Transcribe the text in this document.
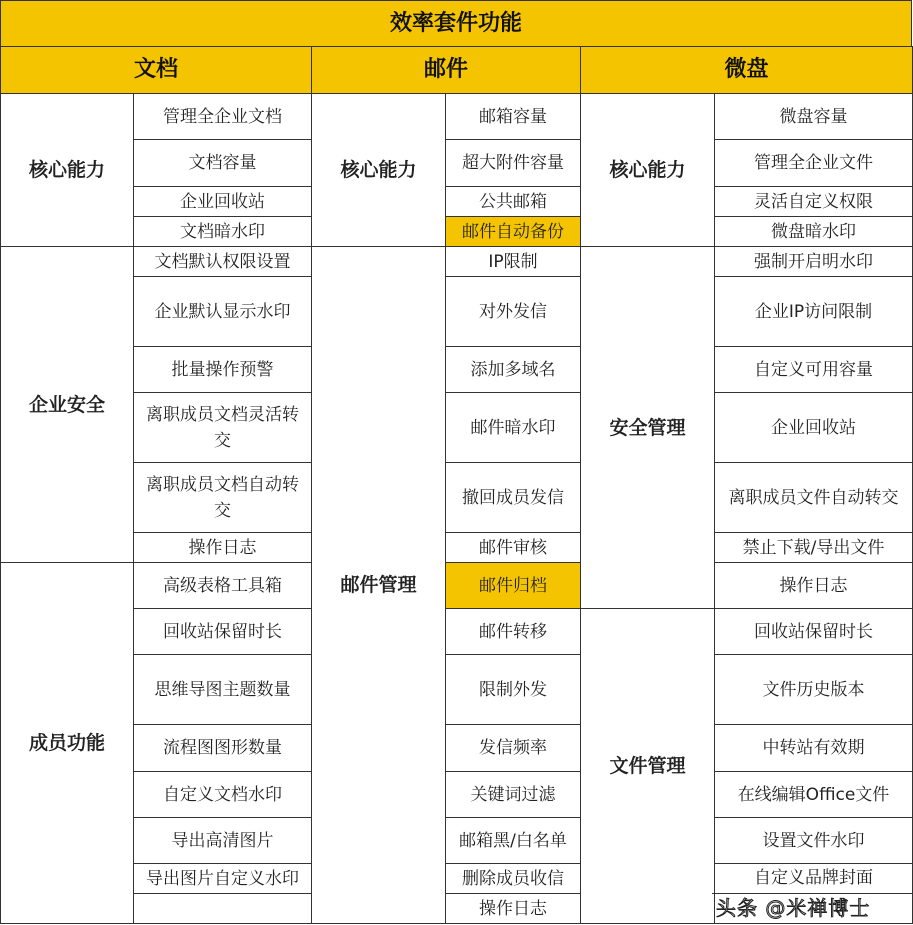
效率套件功能
文档
核心能力
企业安全
成员功能
管理全企业文档
文档容量
企业回收站
文档暗水印
文档默认权限设置
企业默认显示水印
批量操作预警
离职成员文档灵活转交
离职成员文档自动转交
操作日志
高级表格工具箱
回收站保留时长
思维导图主题数量
流程图图形数量
自定义文档水印
导出高清图片
导出图片自定义水印
邮件
核心能力
邮件管理
邮箱容量
超大附件容量
公共邮箱
邮件自动备份
IP限制
对外发信
添加多域名
邮件暗水印
撤回成员发信
邮件审核
邮件归档
邮件转移
限制外发
发信频率
关键词过滤
邮箱黑/白名单
删除成员收信
操作日志
微盘
核心能力
安全管理
文件管理
微盘容量
管理全企业文件
灵活自定义权限
微盘暗水印
强制开启明水印
企业IP访问限制
自定义可用容量
企业回收站
离职成员文件自动转交
禁止下载/导出文件
操作日志
回收站保留时长
文件历史版本
中转站有效期
在线编辑Office文件
设置文件水印
自定义品牌封面
头条 @米禅博士
